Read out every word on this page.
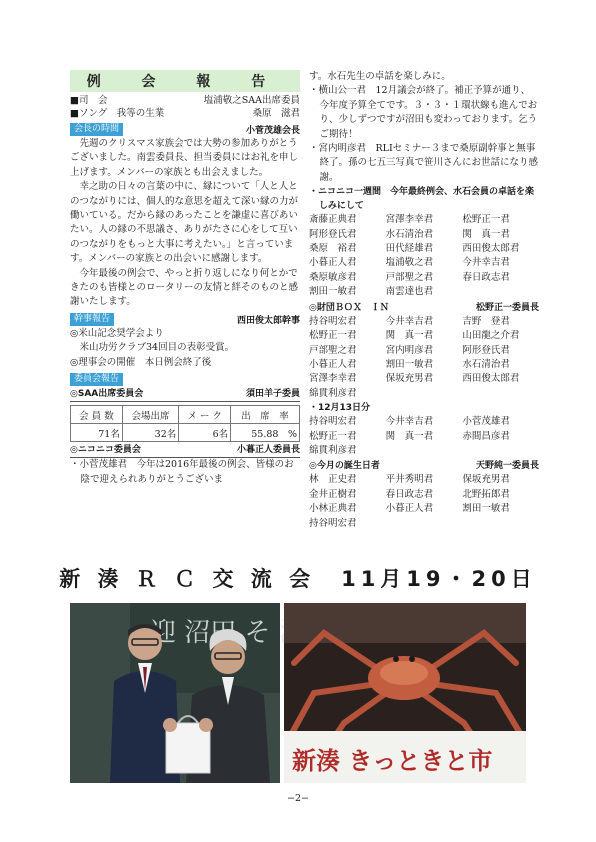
例 会 報 告
■司　会	塩浦敬之SAA出席委員
■ソング　我等の生業	桑原　滋君
会長の時間	小菅茂雄会長

先週のクリスマス家族会では大勢の参加ありがとうございました。南雲委員長、担当委員にはお礼を申し上げます。メンバーの家族とも出会えました。

幸之助の日々の言葉の中に、縁について「人と人とのつながりには、個人的な意思を超えて深い縁の力が働いている。だから縁のあったことを謙虚に喜びあいたい。人の縁の不思議さ、ありがたさに心をして互いのつながりをもっと大事に考えたい。」と言っています。メンバーの家族との出会いに感謝します。

今年最後の例会で、やっと折り返しになり何とかできたのも皆様とのロータリーの友情と絆そのものと感謝いたします。

幹事報告	西田俊太郎幹事

◎米山記念奨学会より

米山功労クラブ34回目の表彰受賞。

◎理事会の開催　本日例会終了後

委員会報告
◎SAA出席委員会	須田羊子委員
会 員 数	会場出席	メ ー ク	出　席　率
71名	32名	6名	55.88　%
◎ニコニコ委員会	小暮正人委員長

・小菅茂雄君　今年は2016年最後の例会、皆様のお陰で迎えられありがとうございま

す。水石先生の卓話を楽しみに。

・横山公一君　12月議会が終了。補正予算が通り、今年度予算全てです。３・３・１環状線も進んでおり、少しずつですが沼田も変わっております。乞うご期待！

・宮内明彦君　RLIセミナー３まで桑原副幹事と無事終了。孫の七五三写真で笹川さんにお世話になり感謝。

・ニコニコ一週間　今年最終例会、水石会員の卓話を楽しみにして

斎藤正典君	宮澤李幸君	松野正一君
阿形登氏君	水石清治君	関　真一君
桑原　裕君	田代経雄君	西田俊太郎君
小暮正人君	塩浦敬之君	今井幸吉君
桑原敏彦君	戸部聖之君	春日政志君
割田一敏君	南雲達也君
◎財団ＢＯＸ　ＩＮ	松野正一委員長
持谷明宏君	今井幸吉君	吉野　登君
松野正一君	関　真一君	山田龍之介君
戸部聖之君	宮内明彦君	阿形登氏君
小暮正人君	割田一敏君	水石清治君
宮澤李幸君	保坂充男君	西田俊太郎君
綿貫利彦君

・12月13日分

持谷明宏君	今井幸吉君	小菅茂雄君
松野正一君	関　真一君	赤間昌彦君
綿貫利彦君
◎今月の誕生日者	天野純一委員長
林　正史君	平井秀明君	保坂充男君
金井正樹君	春日政志君	北野拓郎君
小林正典君	小暮正人君	割田一敏君
持谷明宏君
新 湊 Ｒ Ｃ 交 流 会　11月19・20日
迎 沼田 そ
新湊 きっときと市
−2−
